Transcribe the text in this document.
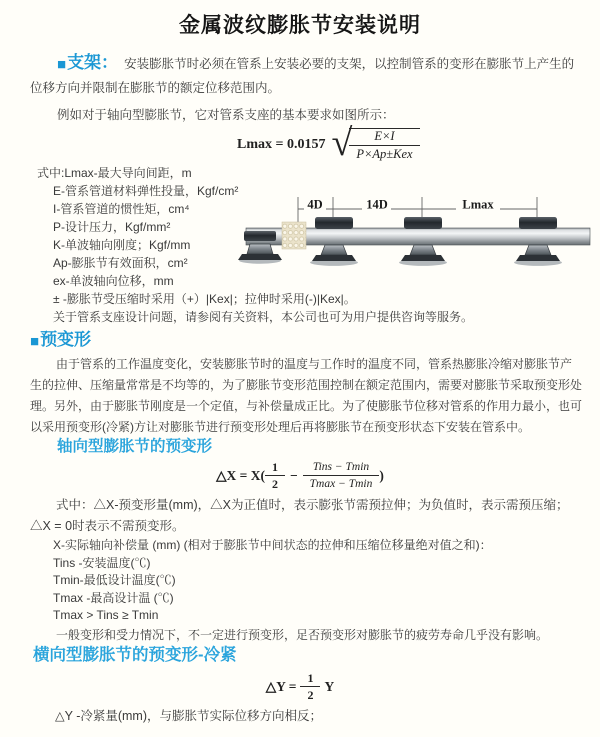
金属波纹膨胀节安装说明

■支架： 安装膨胀节时必须在管系上安装必要的支架，以控制管系的变形在膨胀节上产生的位移方向并限制在膨胀节的额定位移范围内。

例如对于轴向型膨胀节，它对管系支座的基本要求如图所示：

Lmax = 0.0157 √
$\frac{E\times I}{\text{P×Ap±Kex}}$
式中:Lmax-最大导向间距，m
E-管系管道材料弹性投量，Kgf/cm²
I-管系管道的惯性矩，cm⁴
P-设计压力，Kgf/mm²
K-单波轴向刚度；Kgf/mm
Ap-膨胀节有效面积，cm²
ex-单波轴向位移，mm
± -膨胀节受压缩时采用（+）|Kex|；拉伸时采用(-)|Kex|。
关于管系支座设计问题，请参阅有关资料，本公司也可为用户提供咨询等服务。
4D	14D	Lmax
■预变形

由于管系的工作温度变化，安装膨胀节时的温度与工作时的温度不同，管系热膨胀冷缩对膨胀节产生的拉伸、压缩量常常是不均等的，为了膨胀节变形范围控制在额定范围内，需要对膨胀节采取预变形处理。另外，由于膨胀节刚度是一个定值，与补偿量成正比。为了使膨胀节位移对管系的作用力最小，也可以采用预变形(冷紧)方让对膨胀节进行预变形处理后再将膨胀节在预变形状态下安装在管系中。

轴向型膨胀节的预变形
△X = $X( \frac{1}{2} - \frac{\text{Tins − Tmin}}{Tmax - Tmin}$ )

式中：△X-预变形量(mm)，△X为正值时，表示膨张节需预拉伸；为负值时，表示需预压缩；△X = 0时表示不需预变形。

X-实际轴向补偿量 (mm) (相对于膨胀节中间状态的拉伸和压缩位移量绝对值之和)：
Tins -安装温度(℃)
Tmin-最低设计温度(℃)
Tmax -最高设计温 (℃)
Tmax > Tins ≥ Tmin
一般变形和受力情况下，不一定进行预变形，足否预变形对膨胀节的疲劳寿命几乎没有影响。
横向型膨胀节的预变形-冷紧
△Y = $\frac{1}{2}$ Y

△Y -冷紧量(mm)，与膨胀节实际位移方向相反；
